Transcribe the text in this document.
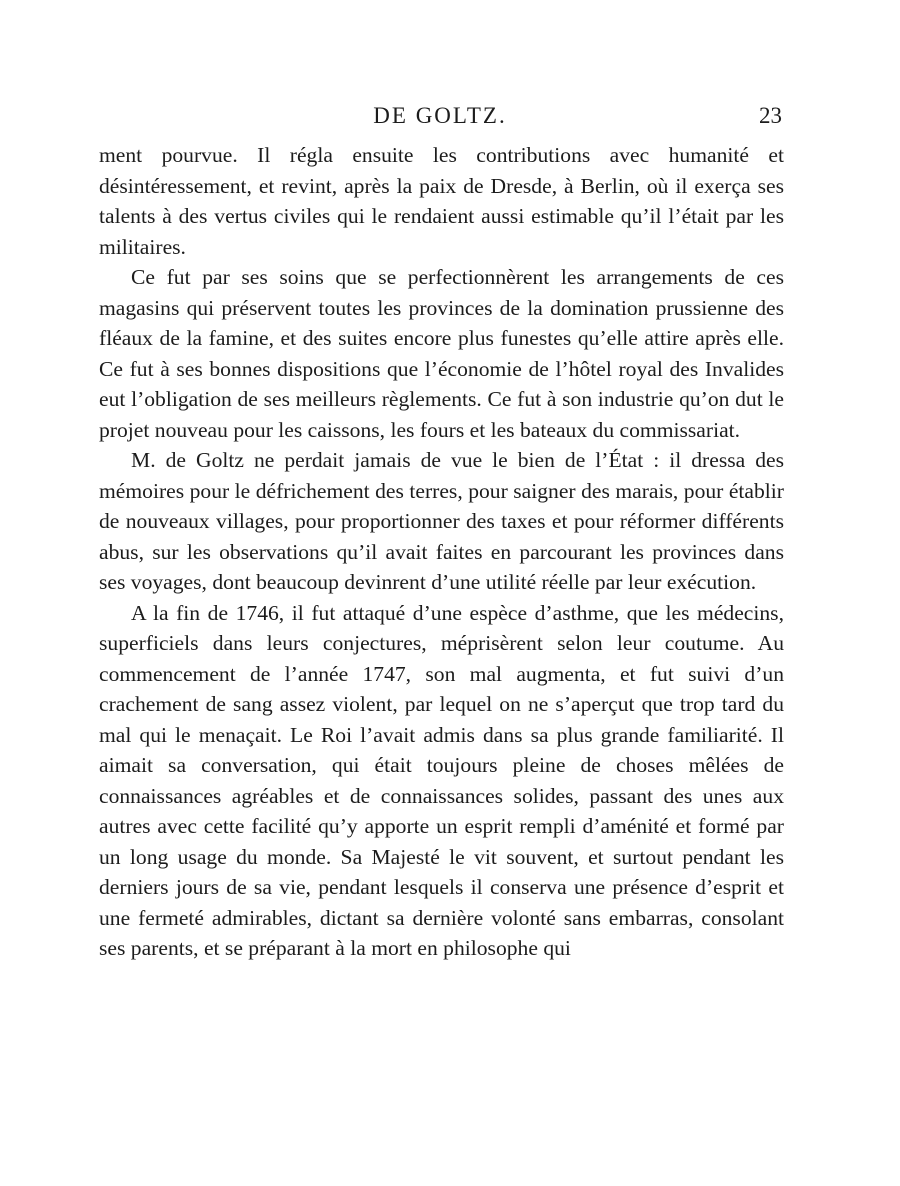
DE GOLTZ.	23

ment pourvue. Il régla ensuite les contributions avec humanité et désintéressement, et revint, après la paix de Dresde, à Berlin, où il exerça ses talents à des vertus civiles qui le rendaient aussi estimable qu’il l’était par les militaires.

Ce fut par ses soins que se perfectionnèrent les arrangements de ces magasins qui préservent toutes les provinces de la domination prussienne des fléaux de la famine, et des suites encore plus funestes qu’elle attire après elle. Ce fut à ses bonnes dispositions que l’économie de l’hôtel royal des Invalides eut l’obligation de ses meilleurs règlements. Ce fut à son industrie qu’on dut le projet nouveau pour les caissons, les fours et les bateaux du commissariat.

M. de Goltz ne perdait jamais de vue le bien de l’État : il dressa des mémoires pour le défrichement des terres, pour saigner des marais, pour établir de nouveaux villages, pour proportionner des taxes et pour réformer différents abus, sur les observations qu’il avait faites en parcourant les provinces dans ses voyages, dont beaucoup devinrent d’une utilité réelle par leur exécution.

A la fin de 1746, il fut attaqué d’une espèce d’asthme, que les médecins, superficiels dans leurs conjectures, méprisèrent selon leur coutume. Au commencement de l’année 1747, son mal augmenta, et fut suivi d’un crachement de sang assez violent, par lequel on ne s’aperçut que trop tard du mal qui le menaçait. Le Roi l’avait admis dans sa plus grande familiarité. Il aimait sa conversation, qui était toujours pleine de choses mêlées de connaissances agréables et de connaissances solides, passant des unes aux autres avec cette facilité qu’y apporte un esprit rempli d’aménité et formé par un long usage du monde. Sa Majesté le vit souvent, et surtout pendant les derniers jours de sa vie, pendant lesquels il conserva une présence d’esprit et une fermeté admirables, dictant sa dernière volonté sans embarras, consolant ses parents, et se préparant à la mort en philosophe qui
